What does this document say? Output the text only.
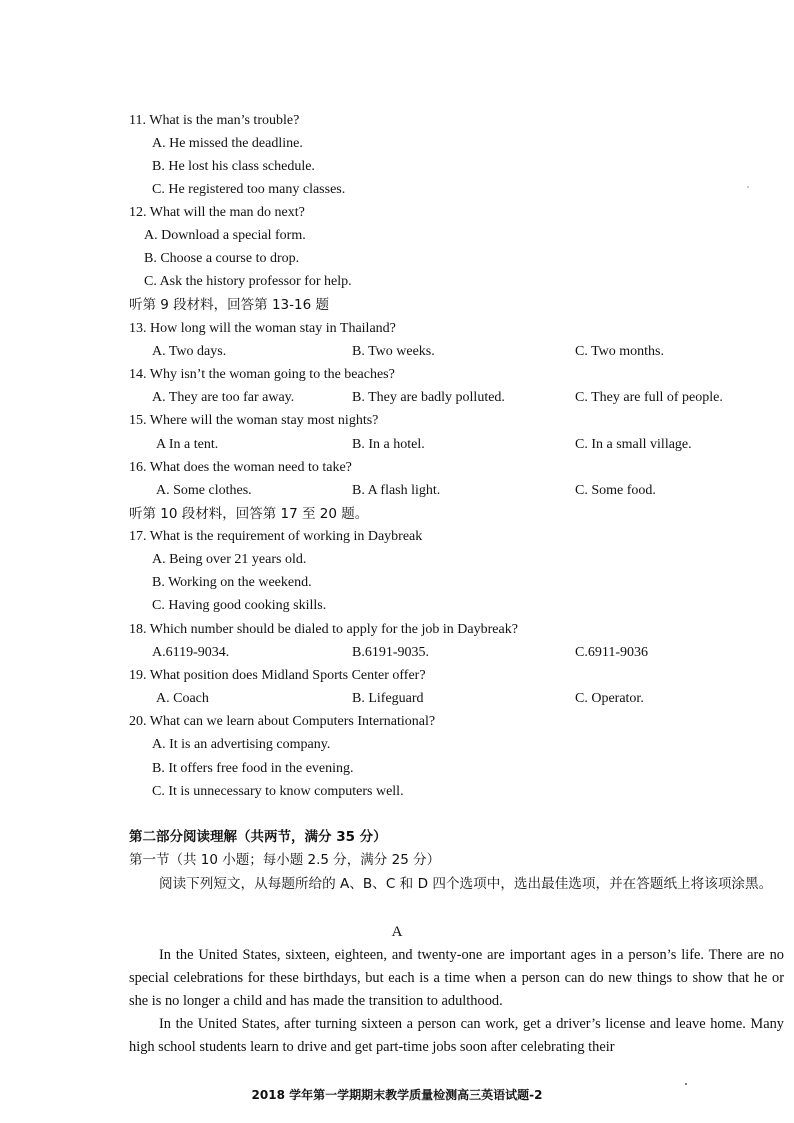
11. What is the man’s trouble?
A. He missed the deadline.
B. He lost his class schedule.
C. He registered too many classes.
12. What will the man do next?
A. Download a special form.
B. Choose a course to drop.
C. Ask the history professor for help.
听第 9 段材料，回答第 13-16 题
13. How long will the woman stay in Thailand?
A. Two days.	B. Two weeks.	C. Two months.
14. Why isn’t the woman going to the beaches?
A. They are too far away.	B. They are badly polluted.	C. They are full of people.
15. Where will the woman stay most nights?
A In a tent.	B. In a hotel.	C. In a small village.
16. What does the woman need to take?
A. Some clothes.	B. A flash light.	C. Some food.
听第 10 段材料，回答第 17 至 20 题。
17. What is the requirement of working in Daybreak
A. Being over 21 years old.
B. Working on the weekend.
C. Having good cooking skills.
18. Which number should be dialed to apply for the job in Daybreak?
A.6119-9034.	B.6191-9035.	C.6911-9036
19. What position does Midland Sports Center offer?
A. Coach	B. Lifeguard	C. Operator.
20. What can we learn about Computers International?
A. It is an advertising company.
B. It offers free food in the evening.
C. It is unnecessary to know computers well.
第二部分阅读理解（共两节，满分 35 分）
第一节（共 10 小题；每小题 2.5 分，满分 25 分）

阅读下列短文，从每题所给的 A、B、C 和 D 四个选项中，选出最佳选项，并在答题纸上将该项涂黑。

A

In the United States, sixteen, eighteen, and twenty-one are important ages in a person’s life. There are no special celebrations for these birthdays, but each is a time when a person can do new things to show that he or she is no longer a child and has made the transition to adulthood.

In the United States, after turning sixteen a person can work, get a driver’s license and leave home. Many high school students learn to drive and get part-time jobs soon after celebrating their

2018 学年第一学期期末教学质量检测高三英语试题-2
